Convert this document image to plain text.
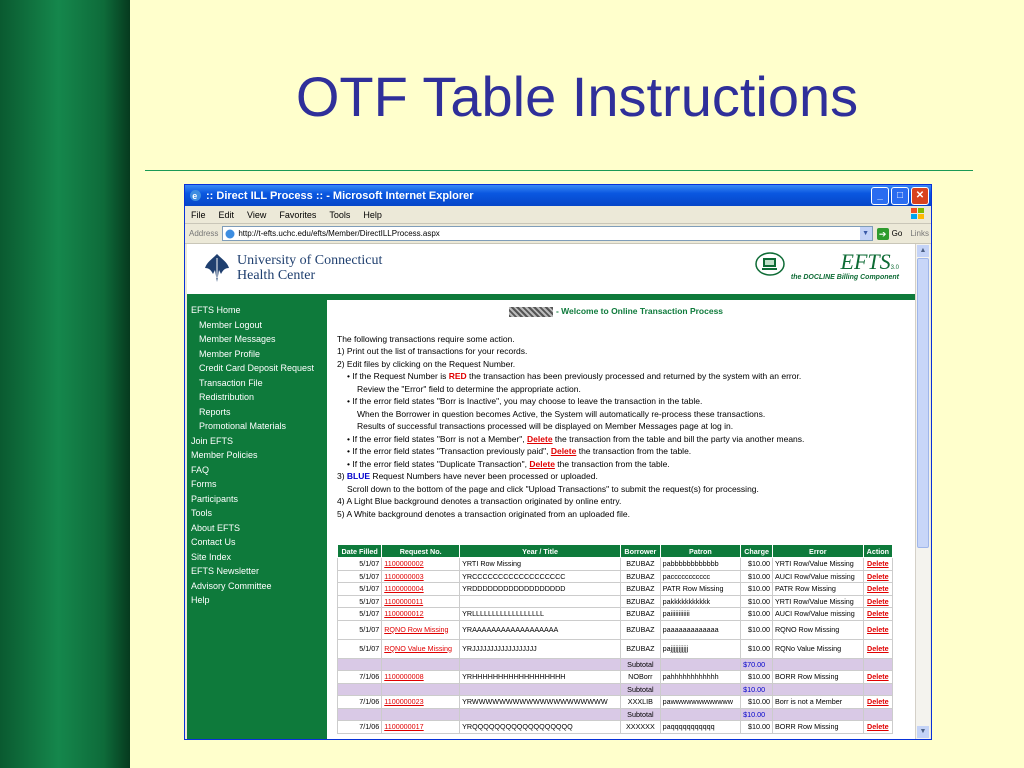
OTF Table Instructions
e :: Direct ILL Process :: - Microsoft Internet Explorer	_	□	✕
File Edit View Favorites Tools Help
Address	http://t-efts.uchc.edu/efts/Member/DirectILLProcess.aspx	▼ ➔ Go Links
University of Connecticut
Health Center
EFTS3.0
the DOCLINE Billing Component
EFTS Home
Member Logout
Member Messages
Member Profile
Credit Card Deposit Request
Transaction File
Redistribution
Reports
Promotional Materials
Join EFTS
Member Policies
FAQ
Forms
Participants
Tools
About EFTS
Contact Us
Site Index
EFTS Newsletter
Advisory Committee
Help
- Welcome to Online Transaction Process
The following transactions require some action.
1) Print out the list of transactions for your records.
2) Edit files by clicking on the Request Number.
• If the Request Number is RED the transaction has been previously processed and returned by the system with an error.
Review the "Error" field to determine the appropriate action.
• If the error field states "Borr is Inactive", you may choose to leave the transaction in the table.
When the Borrower in question becomes Active, the System will automatically re-process these transactions.
Results of successful transactions processed will be displayed on Member Messages page at log in.
• If the error field states "Borr is not a Member", Delete the transaction from the table and bill the party via another means.
• If the error field states "Transaction previously paid", Delete the transaction from the table.
• If the error field states "Duplicate Transaction", Delete the transaction from the table.
3) BLUE Request Numbers have never been processed or uploaded.
Scroll down to the bottom of the page and click "Upload Transactions" to submit the request(s) for processing.
4) A Light Blue background denotes a transaction originated by online entry.
5) A White background denotes a transaction originated from an uploaded file.
Date Filled	Request No.	Year / Title	Borrower	Patron	Charge	Error	Action
5/1/07	1100000002	YRTI Row Missing	BZUBAZ	pabbbbbbbbbbbb	$10.00	YRTI Row/Value Missing	Delete
5/1/07	1100000003	YRCCCCCCCCCCCCCCCCCC	BZUBAZ	paccccccccccc	$10.00	AUCI Row/Value missing	Delete
5/1/07	1100000004	YRDDDDDDDDDDDDDDDDDD	BZUBAZ	PATR Row Missing	$10.00	PATR Row Missing	Delete
5/1/07	1100000011		BZUBAZ	pakkkkkkkkkkk	$10.00	YRTI Row/Value Missing	Delete
5/1/07	1100000012	YRLLLLLLLLLLLLLLLLLL	BZUBAZ	paiiiiiiiiiiii	$10.00	AUCI Row/Value missing	Delete
5/1/07	RQNO Row Missing	YRAAAAAAAAAAAAAAAAAA	BZUBAZ	paaaaaaaaaaaaa	$10.00	RQNO Row Missing	Delete
5/1/07	RQNO Value Missing	YRJJJJJJJJJJJJJJJJJJ	BZUBAZ	pajjjjjjjjjjj	$10.00	RQNo Value Missing	Delete
			Subtotal		$70.00		
7/1/06	1100000008	YRHHHHHHHHHHHHHHHHHH	NOBorr	pahhhhhhhhhhhh	$10.00	BORR Row Missing	Delete
			Subtotal		$10.00		
7/1/06	1100000023	YRWWWWWWWWWWWWWWWWWWWW	XXXLIB	pawwwwwwwwwwww	$10.00	Borr is not a Member	Delete
			Subtotal		$10.00		
7/1/06	1100000017	YRQQQQQQQQQQQQQQQQQQ	XXXXXX	paqqqqqqqqqqq	$10.00	BORR Row Missing	Delete
▲
▼
